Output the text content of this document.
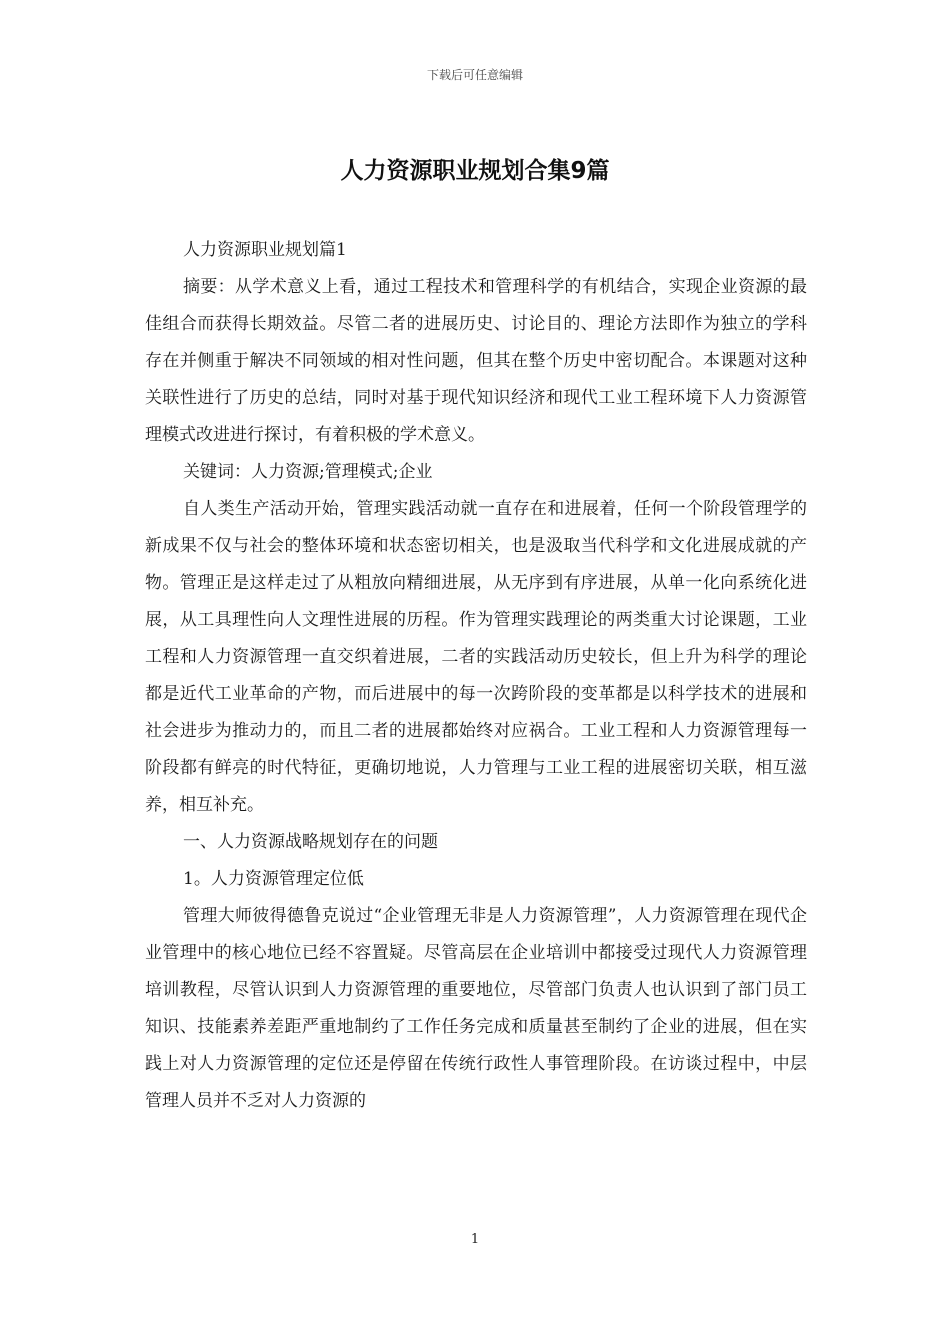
下载后可任意编辑
人力资源职业规划合集9篇

人力资源职业规划篇1

摘要：从学术意义上看，通过工程技术和管理科学的有机结合，实现企业资源的最佳组合而获得长期效益。尽管二者的进展历史、讨论目的、理论方法即作为独立的学科存在并侧重于解决不同领域的相对性问题，但其在整个历史中密切配合。本课题对这种关联性进行了历史的总结，同时对基于现代知识经济和现代工业工程环境下人力资源管理模式改进进行探讨，有着积极的学术意义。

关键词：人力资源;管理模式;企业

自人类生产活动开始，管理实践活动就一直存在和进展着，任何一个阶段管理学的新成果不仅与社会的整体环境和状态密切相关，也是汲取当代科学和文化进展成就的产物。管理正是这样走过了从粗放向精细进展，从无序到有序进展，从单一化向系统化进展，从工具理性向人文理性进展的历程。作为管理实践理论的两类重大讨论课题，工业工程和人力资源管理一直交织着进展，二者的实践活动历史较长，但上升为科学的理论都是近代工业革命的产物，而后进展中的每一次跨阶段的变革都是以科学技术的进展和社会进步为推动力的，而且二者的进展都始终对应祸合。工业工程和人力资源管理每一阶段都有鲜亮的时代特征，更确切地说，人力管理与工业工程的进展密切关联，相互滋养，相互补充。

一、人力资源战略规划存在的问题

1。人力资源管理定位低

管理大师彼得德鲁克说过“企业管理无非是人力资源管理”，人力资源管理在现代企业管理中的核心地位已经不容置疑。尽管高层在企业培训中都接受过现代人力资源管理培训教程，尽管认识到人力资源管理的重要地位，尽管部门负责人也认识到了部门员工知识、技能素养差距严重地制约了工作任务完成和质量甚至制约了企业的进展，但在实践上对人力资源管理的定位还是停留在传统行政性人事管理阶段。在访谈过程中，中层管理人员并不乏对人力资源的

1
